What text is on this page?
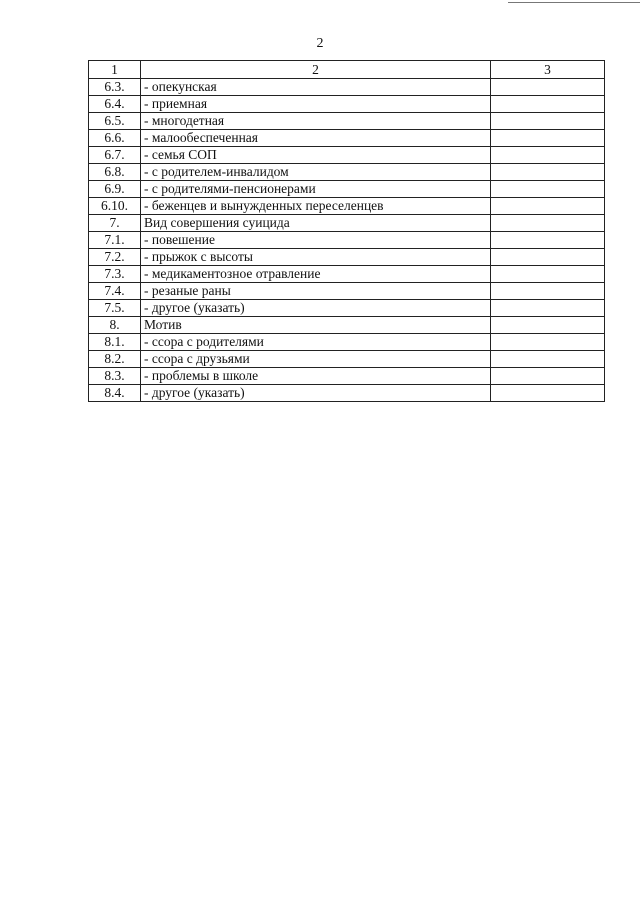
2
1	2	3
6.3.	- опекунская	
6.4.	- приемная	
6.5.	- многодетная	
6.6.	- малообеспеченная	
6.7.	- семья СОП	
6.8.	- с родителем-инвалидом	
6.9.	- с родителями-пенсионерами	
6.10.	- беженцев и вынужденных переселенцев	
7.	Вид совершения суицида	
7.1.	- повешение	
7.2.	- прыжок с высоты	
7.3.	- медикаментозное отравление	
7.4.	- резаные раны	
7.5.	- другое (указать)	
8.	Мотив	
8.1.	- ссора с родителями	
8.2.	- ссора с друзьями	
8.3.	- проблемы в школе	
8.4.	- другое (указать)	
